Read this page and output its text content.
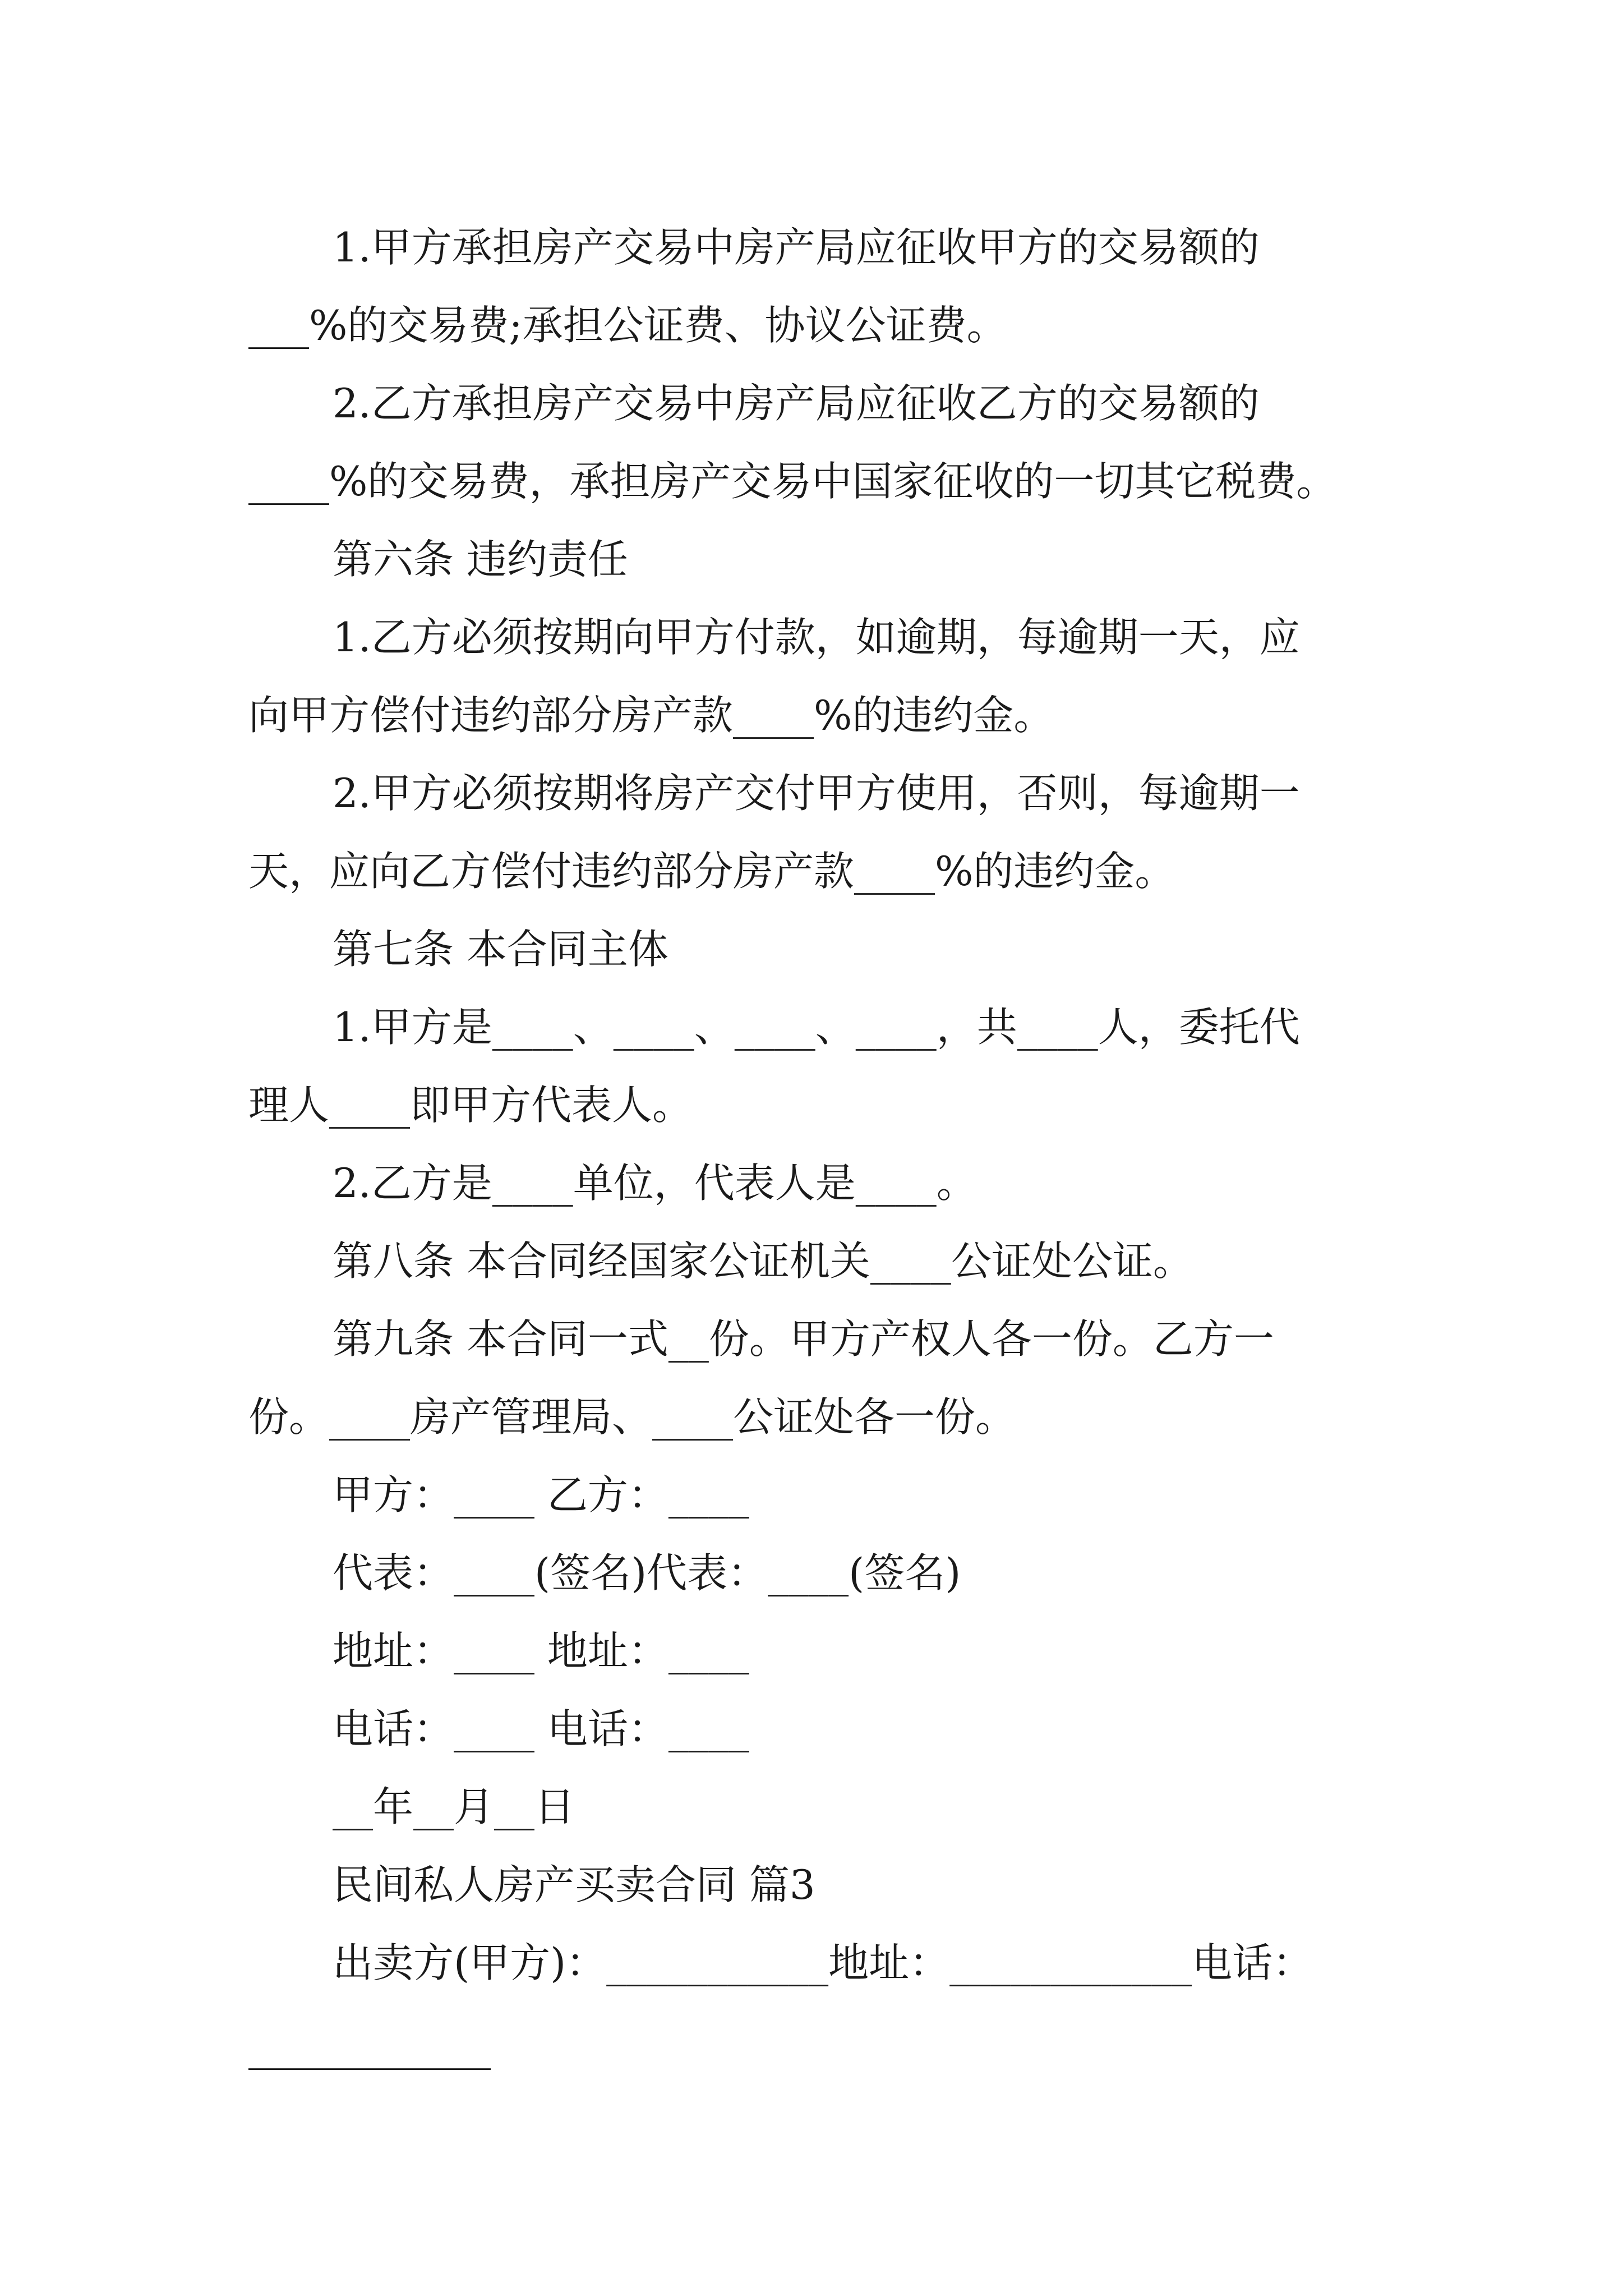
1.甲方承担房产交易中房产局应征收甲方的交易额的
___%的交易费;承担公证费、协议公证费。
2.乙方承担房产交易中房产局应征收乙方的交易额的
____%的交易费，承担房产交易中国家征收的一切其它税费。
第六条 违约责任
1.乙方必须按期向甲方付款，如逾期，每逾期一天，应
向甲方偿付违约部分房产款____%的违约金。
2.甲方必须按期将房产交付甲方使用，否则，每逾期一
天，应向乙方偿付违约部分房产款____%的违约金。
第七条 本合同主体
1.甲方是____、____、____、____，共____人，委托代
理人____即甲方代表人。
2.乙方是____单位，代表人是____。
第八条 本合同经国家公证机关____公证处公证。
第九条 本合同一式__份。甲方产权人各一份。乙方一
份。____房产管理局、____公证处各一份。
甲方：____ 乙方：____
代表：____(签名)代表：____(签名)
地址：____ 地址：____
电话：____ 电话：____
__年__月__日
民间私人房产买卖合同 篇3
出卖方(甲方)：___________地址：____________电话：
____________
